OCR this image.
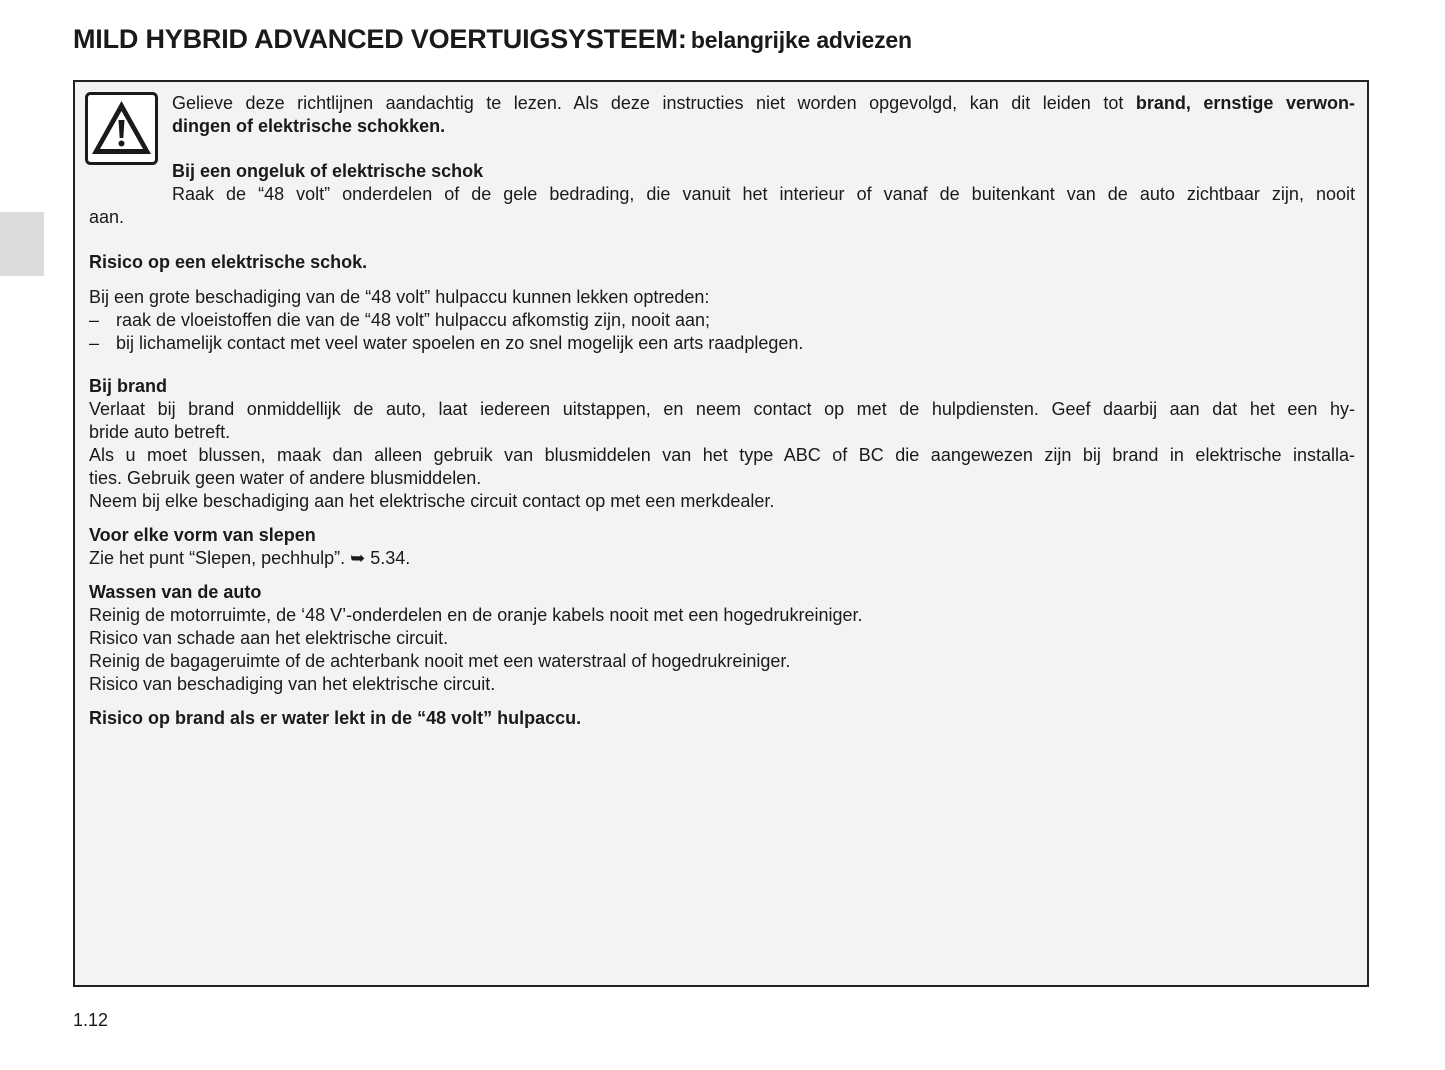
MILD HYBRID ADVANCED VOERTUIGSYSTEEM: belangrijke adviezen
Gelieve deze richtlijnen aandachtig te lezen. Als deze instructies niet worden opgevolgd, kan dit leiden tot brand, ernstige verwon-
dingen of elektrische schokken.
Bij een ongeluk of elektrische schok
Raak de “48 volt” onderdelen of de gele bedrading, die vanuit het interieur of vanaf de buitenkant van de auto zichtbaar zijn, nooit
aan.
Risico op een elektrische schok.
Bij een grote beschadiging van de “48 volt” hulpaccu kunnen lekken optreden:
– raak de vloeistoffen die van de “48 volt” hulpaccu afkomstig zijn, nooit aan;
– bij lichamelijk contact met veel water spoelen en zo snel mogelijk een arts raadplegen.
Bij brand
Verlaat bij brand onmiddellijk de auto, laat iedereen uitstappen, en neem contact op met de hulpdiensten. Geef daarbij aan dat het een hy-
bride auto betreft.
Als u moet blussen, maak dan alleen gebruik van blusmiddelen van het type ABC of BC die aangewezen zijn bij brand in elektrische installa-
ties. Gebruik geen water of andere blusmiddelen.
Neem bij elke beschadiging aan het elektrische circuit contact op met een merkdealer.
Voor elke vorm van slepen
Zie het punt “Slepen, pechhulp”. ➥ 5.34.
Wassen van de auto
Reinig de motorruimte, de ‘48 V’-onderdelen en de oranje kabels nooit met een hogedrukreiniger.
Risico van schade aan het elektrische circuit.
Reinig de bagageruimte of de achterbank nooit met een waterstraal of hogedrukreiniger.
Risico van beschadiging van het elektrische circuit.
Risico op brand als er water lekt in de “48 volt” hulpaccu.
1.12
